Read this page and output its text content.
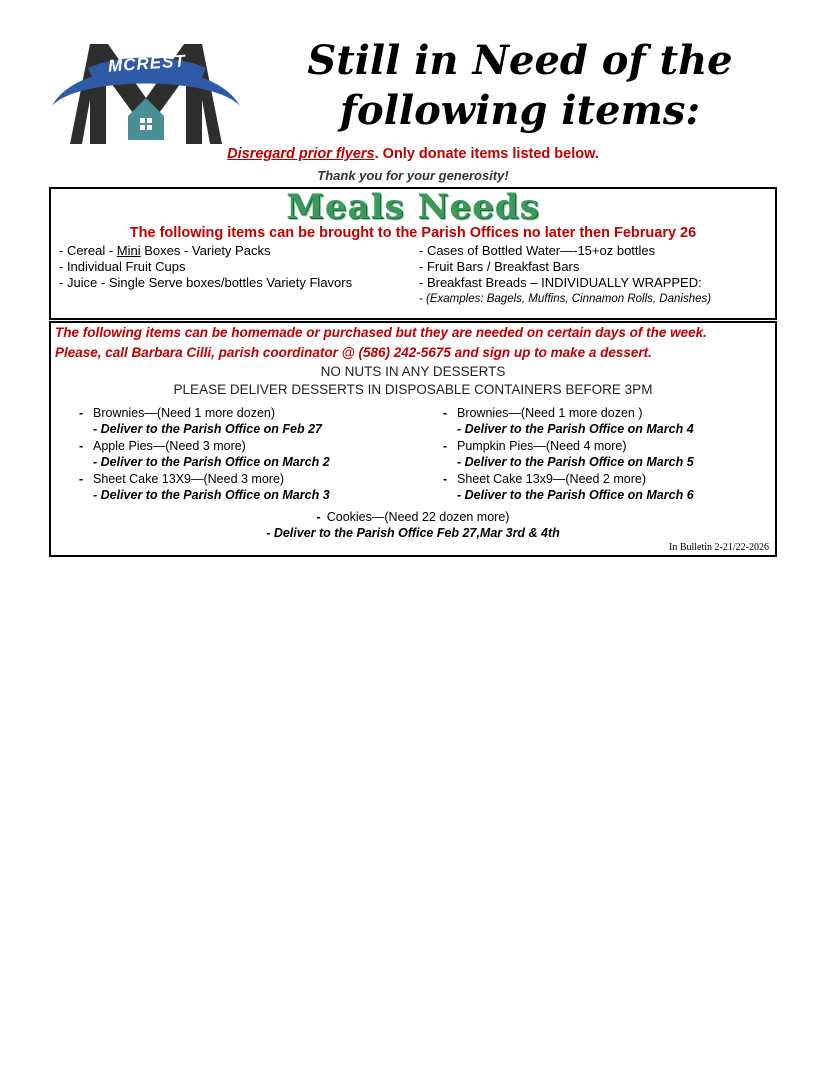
MCREST	Still in Need of the
following items:
Disregard prior flyers. Only donate items listed below.
Thank you for your generosity!
Meals Needs
The following items can be brought to the Parish Offices no later then February 26
- Cereal - Mini Boxes - Variety Packs
- Individual Fruit Cups
- Juice - Single Serve boxes/bottles Variety Flavors
- Cases of Bottled Water—-15+oz bottles
- Fruit Bars / Breakfast Bars
- Breakfast Breads – INDIVIDUALLY WRAPPED:
- (Examples: Bagels, Muffins, Cinnamon Rolls, Danishes)
The following items can be homemade or purchased but they are needed on certain days of the week.
Please, call Barbara Cilli, parish coordinator @ (586) 242-5675 and sign up to make a dessert.
NO NUTS IN ANY DESSERTS
PLEASE DELIVER DESSERTS IN DISPOSABLE CONTAINERS BEFORE 3PM
- Brownies—(Need 1 more dozen)
- Deliver to the Parish Office on Feb 27
- Apple Pies—(Need 3 more)
- Deliver to the Parish Office on March 2
- Sheet Cake 13X9—(Need 3 more)
- Deliver to the Parish Office on March 3
- Brownies—(Need 1 more dozen )
- Deliver to the Parish Office on March 4
- Pumpkin Pies—(Need 4 more)
- Deliver to the Parish Office on March 5
- Sheet Cake 13x9—(Need 2 more)
- Deliver to the Parish Office on March 6
- Cookies—(Need 22 dozen more)
- Deliver to the Parish Office Feb 27,Mar 3rd & 4th
In Bulletin 2-21/22-2026
